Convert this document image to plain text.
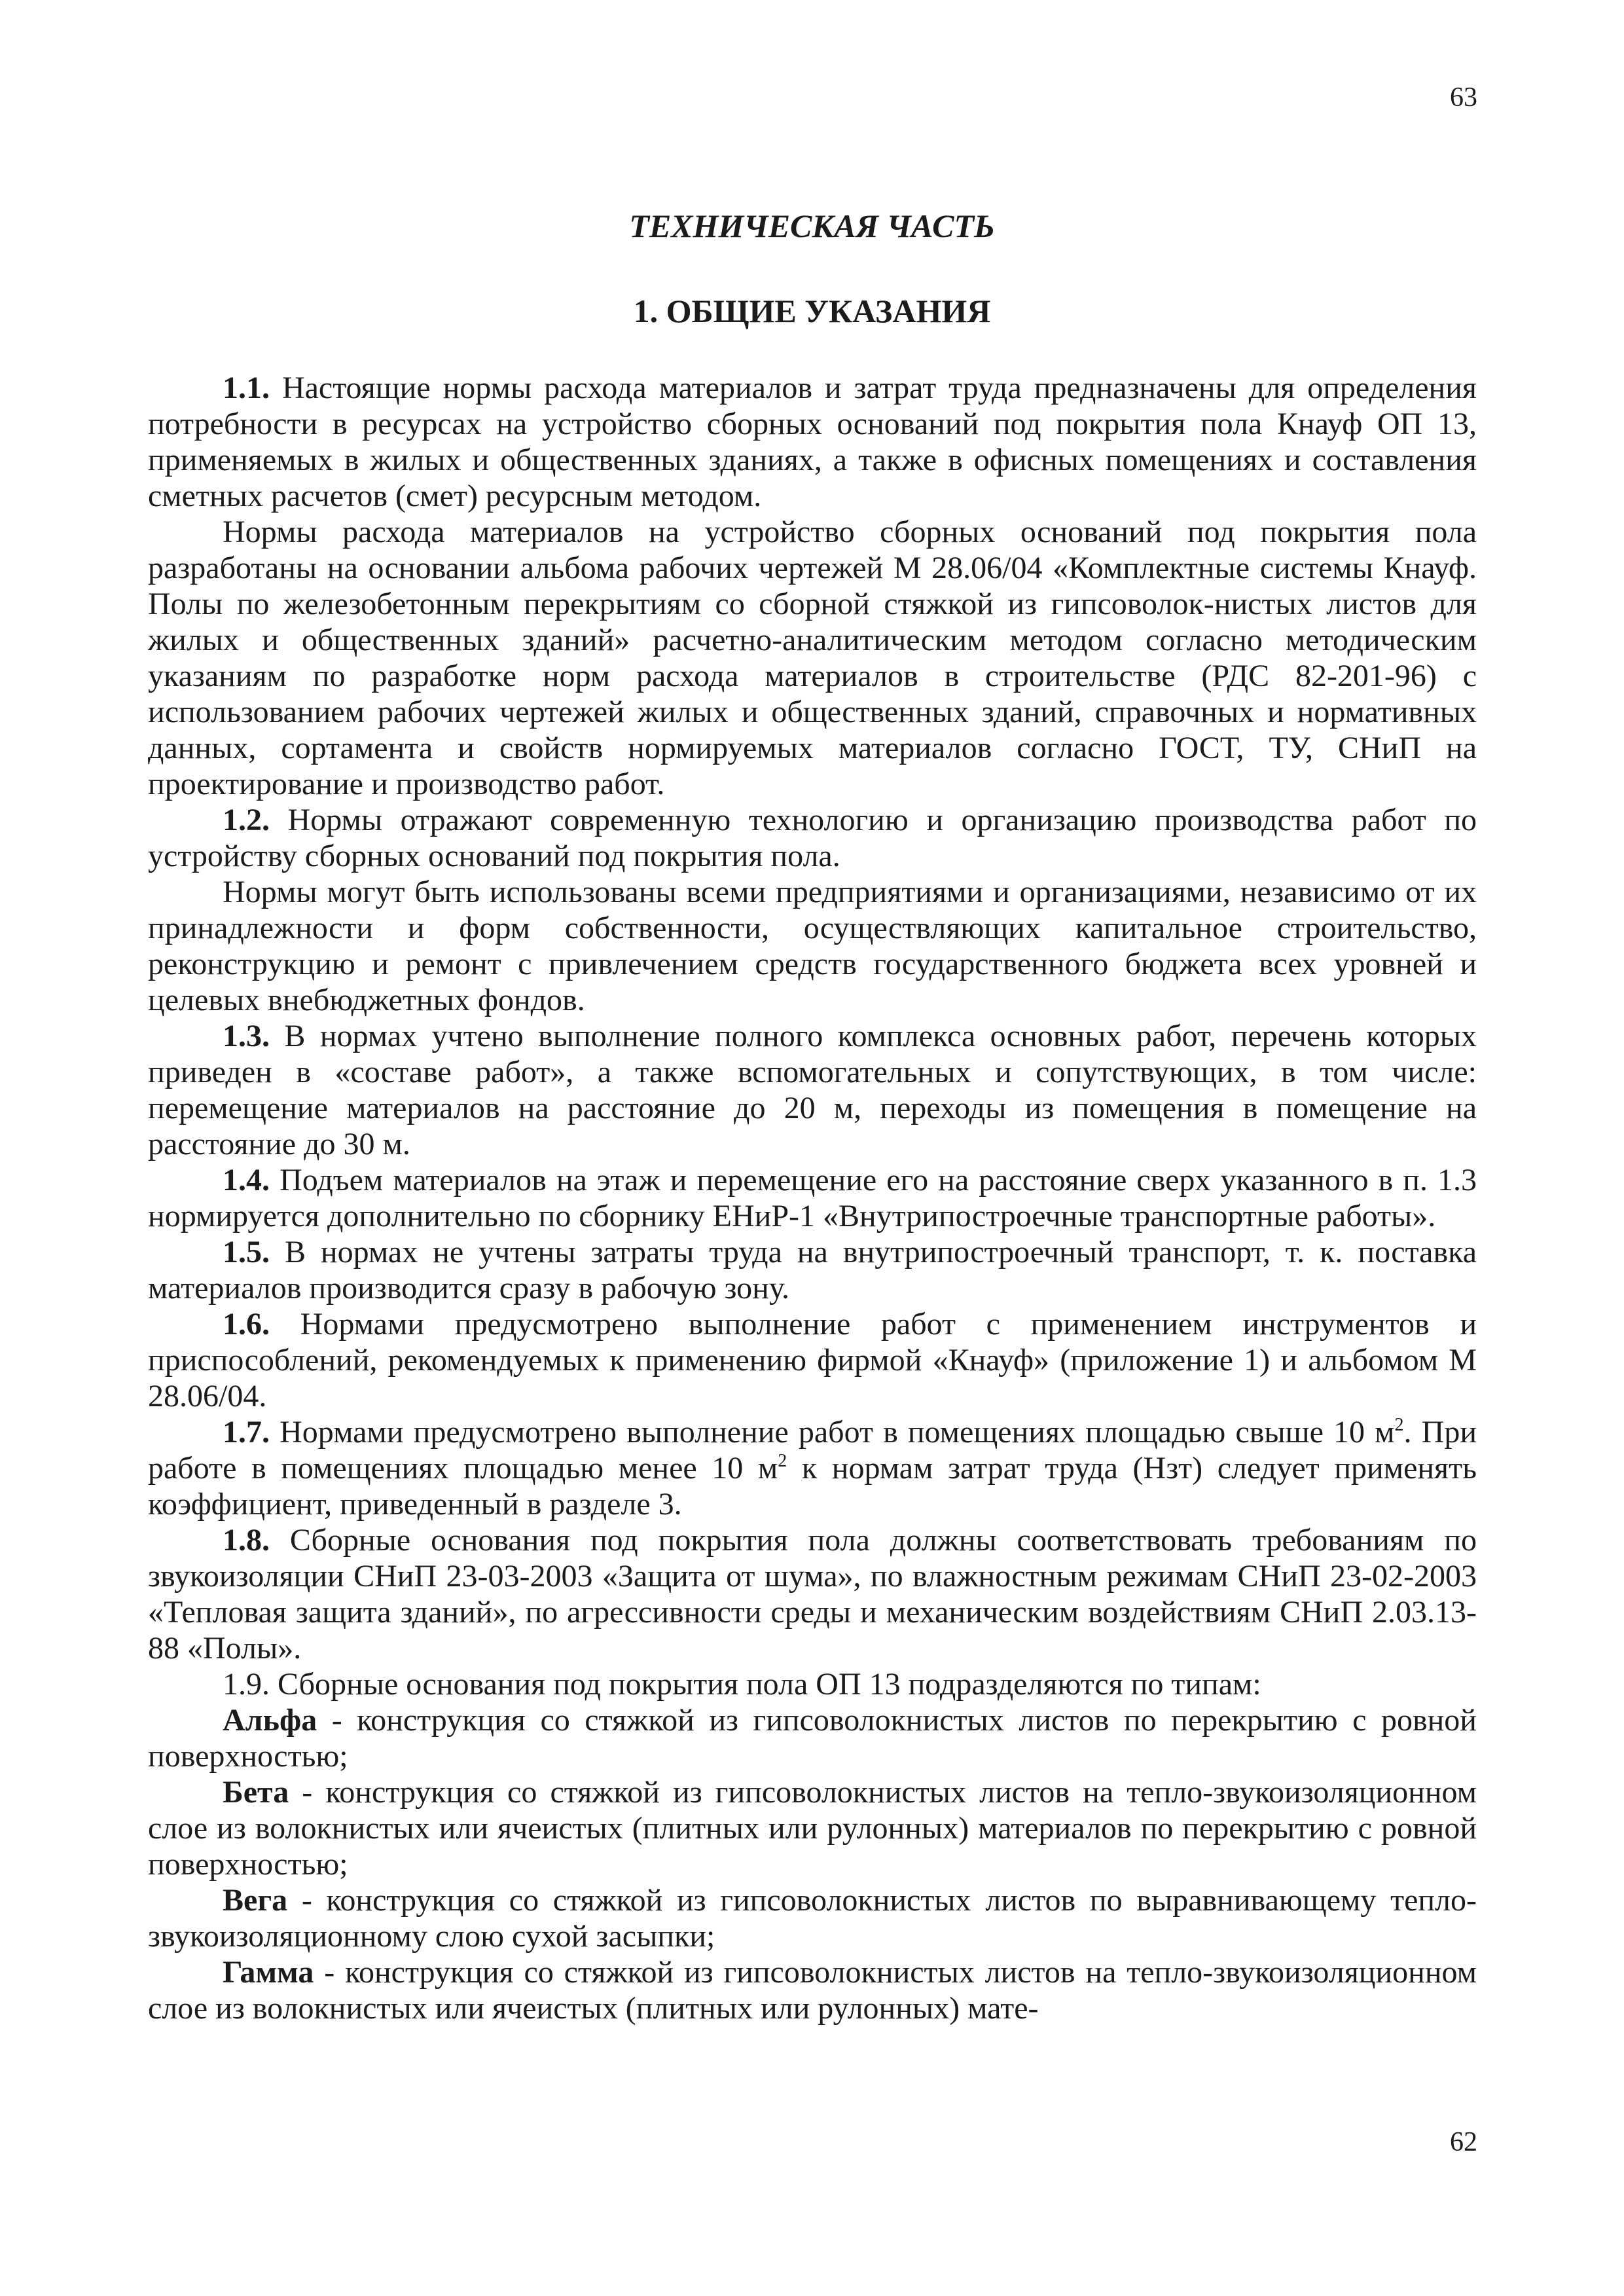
63
ТЕХНИЧЕСКАЯ ЧАСТЬ
1. ОБЩИЕ УКАЗАНИЯ

1.1. Настоящие нормы расхода материалов и затрат труда предназначены для определения потребности в ресурсах на устройство сборных оснований под покрытия пола Кнауф ОП 13, применяемых в жилых и общественных зданиях, а также в офисных помещениях и составления сметных расчетов (смет) ресурсным методом.

Нормы расхода материалов на устройство сборных оснований под покрытия пола разработаны на основании альбома рабочих чертежей М 28.06/04 «Комплектные системы Кнауф. Полы по железобетонным перекрытиям со сборной стяжкой из гипсоволок-нистых листов для жилых и общественных зданий» расчетно-аналитическим методом согласно методическим указаниям по разработке норм расхода материалов в строительстве (РДС 82-201-96) с использованием рабочих чертежей жилых и общественных зданий, справочных и нормативных данных, сортамента и свойств нормируемых материалов согласно ГОСТ, ТУ, СНиП на проектирование и производство работ.

1.2. Нормы отражают современную технологию и организацию производства работ по устройству сборных оснований под покрытия пола.

Нормы могут быть использованы всеми предприятиями и организациями, независимо от их принадлежности и форм собственности, осуществляющих капитальное строительство, реконструкцию и ремонт с привлечением средств государственного бюджета всех уровней и целевых внебюджетных фондов.

1.3. В нормах учтено выполнение полного комплекса основных работ, перечень которых приведен в «составе работ», а также вспомогательных и сопутствующих, в том числе: перемещение материалов на расстояние до 20 м, переходы из помещения в помещение на расстояние до 30 м.

1.4. Подъем материалов на этаж и перемещение его на расстояние сверх указанного в п. 1.3 нормируется дополнительно по сборнику ЕНиР-1 «Внутрипостроечные транспортные работы».

1.5. В нормах не учтены затраты труда на внутрипостроечный транспорт, т. к. поставка материалов производится сразу в рабочую зону.

1.6. Нормами предусмотрено выполнение работ с применением инструментов и приспособлений, рекомендуемых к применению фирмой «Кнауф» (приложение 1) и альбомом М 28.06/04.

1.7. Нормами предусмотрено выполнение работ в помещениях площадью свыше 10 $м^2$. При работе в помещениях площадью менее 10 $м^2$ к нормам затрат труда (Нзт) следует применять коэффициент, приведенный в разделе 3.

1.8. Сборные основания под покрытия пола должны соответствовать требованиям по звукоизоляции СНиП 23-03-2003 «Защита от шума», по влажностным режимам СНиП 23-02-2003 «Тепловая защита зданий», по агрессивности среды и механическим воздействиям СНиП 2.03.13-88 «Полы».

1.9. Сборные основания под покрытия пола ОП 13 подразделяются по типам:

Альфа - конструкция со стяжкой из гипсоволокнистых листов по перекрытию с ровной поверхностью;

Бета - конструкция со стяжкой из гипсоволокнистых листов на тепло-звукоизоляционном слое из волокнистых или ячеистых (плитных или рулонных) материалов по перекрытию с ровной поверхностью;

Вега - конструкция со стяжкой из гипсоволокнистых листов по выравнивающему тепло-звукоизоляционному слою сухой засыпки;

Гамма - конструкция со стяжкой из гипсоволокнистых листов на тепло-звукоизоляционном слое из волокнистых или ячеистых (плитных или рулонных) мате-

62
